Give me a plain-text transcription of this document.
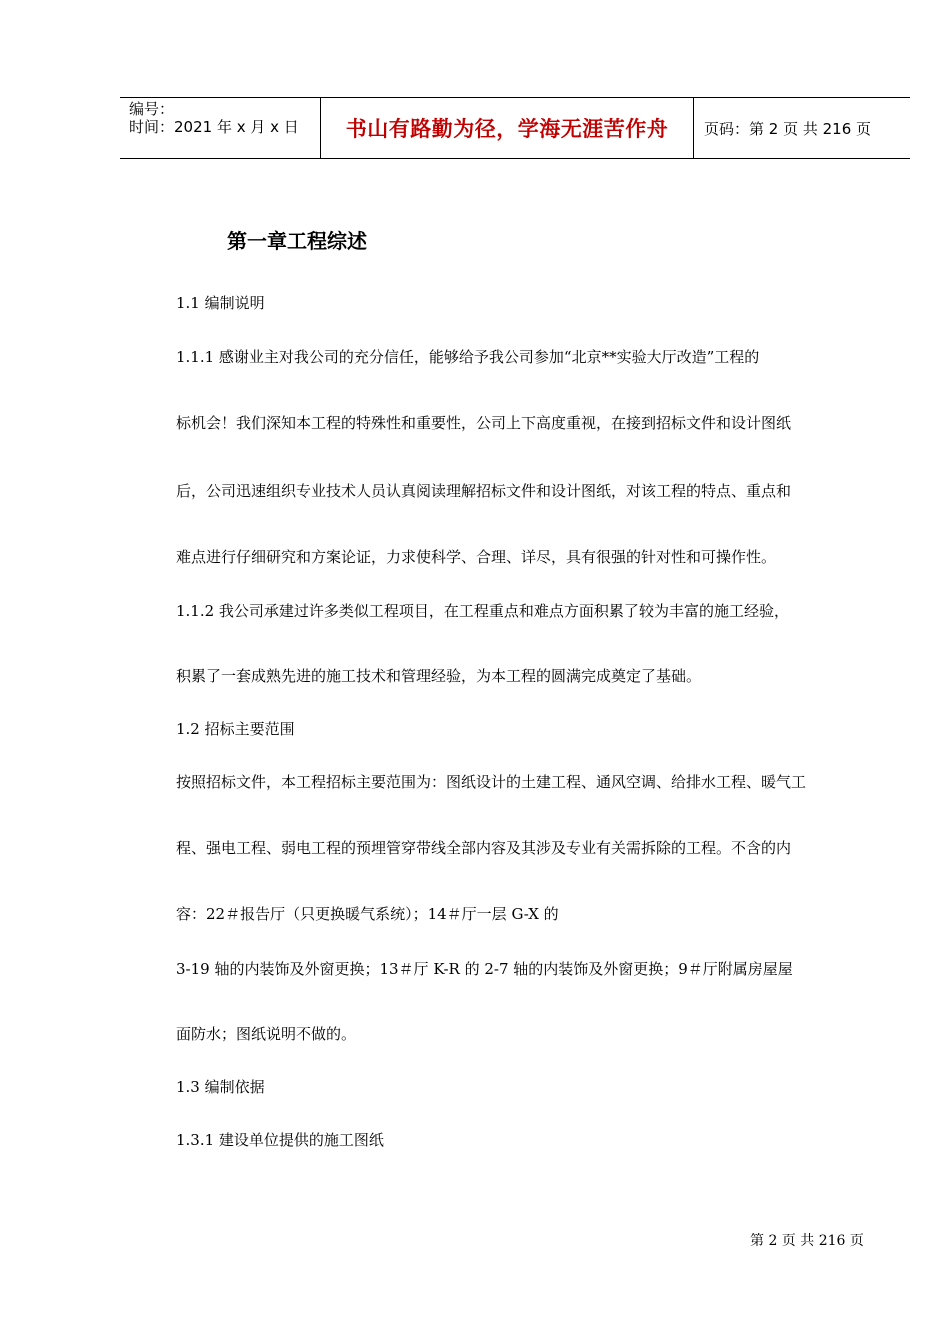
编号：
时间：2021 年 x 月 x 日 书山有路勤为径，学海无涯苦作舟 页码：第 2 页 共 216 页
第一章工程综述
1.1 编制说明
1.1.1 感谢业主对我公司的充分信任，能够给予我公司参加“北京**实验大厅改造”工程的
标机会！我们深知本工程的特殊性和重要性，公司上下高度重视，在接到招标文件和设计图纸
后，公司迅速组织专业技术人员认真阅读理解招标文件和设计图纸，对该工程的特点、重点和
难点进行仔细研究和方案论证，力求使科学、合理、详尽，具有很强的针对性和可操作性。
1.1.2 我公司承建过许多类似工程项目，在工程重点和难点方面积累了较为丰富的施工经验，
积累了一套成熟先进的施工技术和管理经验，为本工程的圆满完成奠定了基础。
1.2 招标主要范围
按照招标文件，本工程招标主要范围为：图纸设计的土建工程、通风空调、给排水工程、暖气工
程、强电工程、弱电工程的预埋管穿带线全部内容及其涉及专业有关需拆除的工程。不含的内
容：22＃报告厅（只更换暖气系统）；14＃厅一层 G-X 的
3-19 轴的内装饰及外窗更换；13＃厅 K-R 的 2-7 轴的内装饰及外窗更换；9＃厅附属房屋屋
面防水；图纸说明不做的。
1.3 编制依据
1.3.1 建设单位提供的施工图纸
第 2 页 共 216 页
